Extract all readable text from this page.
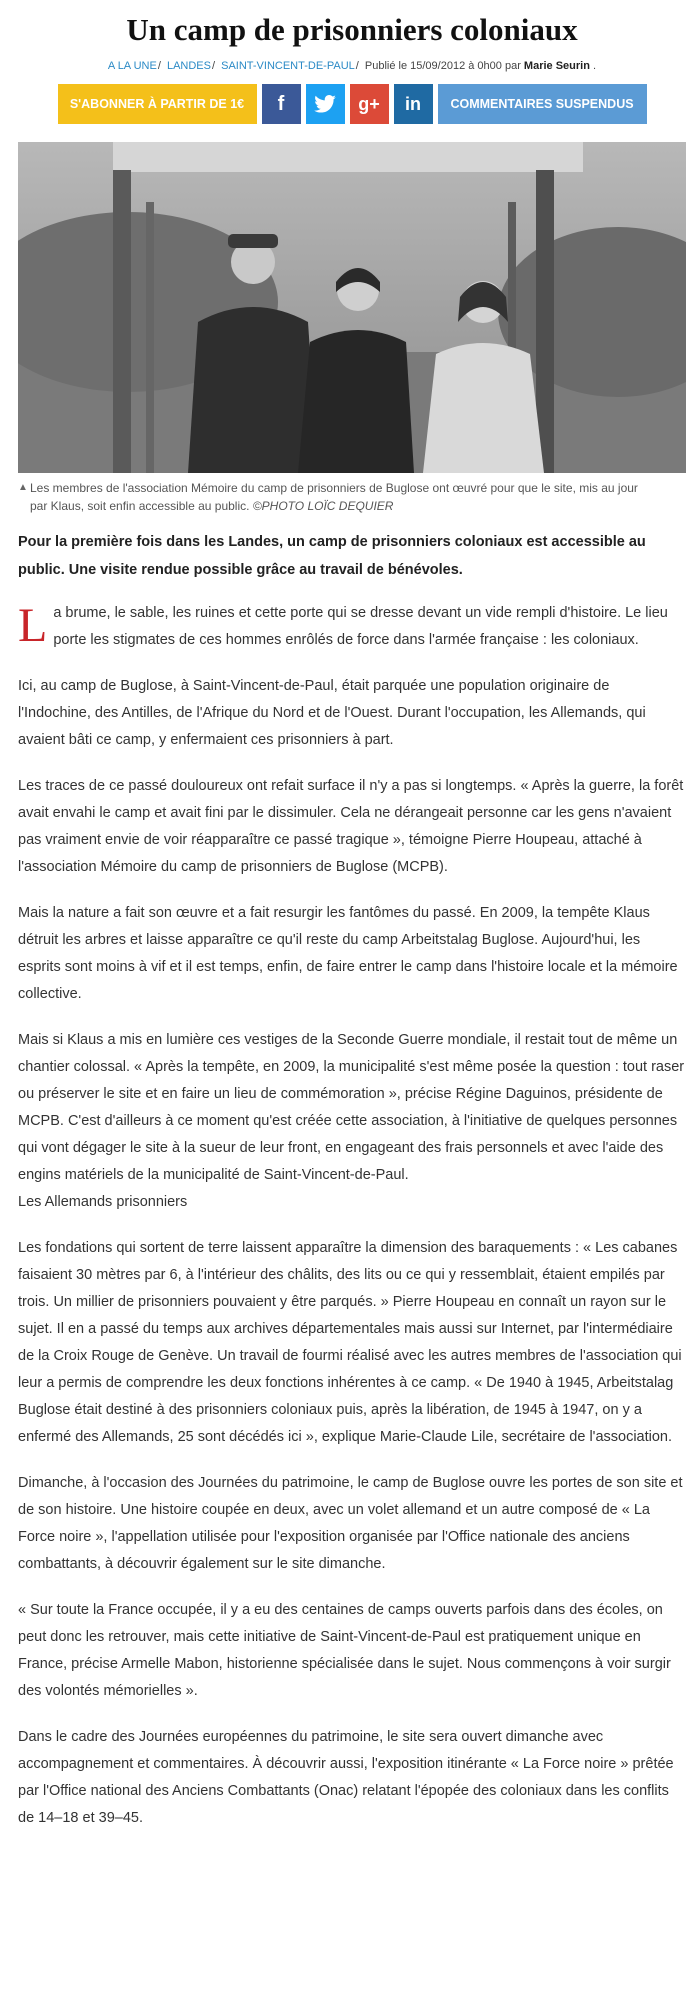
Un camp de prisonniers coloniaux
A LA UNE/ LANDES/ SAINT-VINCENT-DE-PAUL/ Publié le 15/09/2012 à 0h00 par Marie Seurin .
S'ABONNER À PARTIR DE 1€	f	g+ in	COMMENTAIRES SUSPENDUS
▲ Les membres de l'association Mémoire du camp de prisonniers de Buglose ont œuvré pour que le site, mis au jour par Klaus, soit enfin accessible au public. ©PHOTO LOÏC DEQUIER
Pour la première fois dans les Landes, un camp de prisonniers coloniaux est accessible au public. Une visite rendue possible grâce au travail de bénévoles.

La brume, le sable, les ruines et cette porte qui se dresse devant un vide rempli d'histoire. Le lieu porte les stigmates de ces hommes enrôlés de force dans l'armée française : les coloniaux.

Ici, au camp de Buglose, à Saint-Vincent-de-Paul, était parquée une population originaire de l'Indochine, des Antilles, de l'Afrique du Nord et de l'Ouest. Durant l'occupation, les Allemands, qui avaient bâti ce camp, y enfermaient ces prisonniers à part.

Les traces de ce passé douloureux ont refait surface il n'y a pas si longtemps. « Après la guerre, la forêt avait envahi le camp et avait fini par le dissimuler. Cela ne dérangeait personne car les gens n'avaient pas vraiment envie de voir réapparaître ce passé tragique », témoigne Pierre Houpeau, attaché à l'association Mémoire du camp de prisonniers de Buglose (MCPB).

Mais la nature a fait son œuvre et a fait resurgir les fantômes du passé. En 2009, la tempête Klaus détruit les arbres et laisse apparaître ce qu'il reste du camp Arbeitstalag Buglose. Aujourd'hui, les esprits sont moins à vif et il est temps, enfin, de faire entrer le camp dans l'histoire locale et la mémoire collective.

Mais si Klaus a mis en lumière ces vestiges de la Seconde Guerre mondiale, il restait tout de même un chantier colossal. « Après la tempête, en 2009, la municipalité s'est même posée la question : tout raser ou préserver le site et en faire un lieu de commémoration », précise Régine Daguinos, présidente de MCPB. C'est d'ailleurs à ce moment qu'est créée cette association, à l'initiative de quelques personnes qui vont dégager le site à la sueur de leur front, en engageant des frais personnels et avec l'aide des engins matériels de la municipalité de Saint-Vincent-de-Paul.
Les Allemands prisonniers

Les fondations qui sortent de terre laissent apparaître la dimension des baraquements : « Les cabanes faisaient 30 mètres par 6, à l'intérieur des châlits, des lits ou ce qui y ressemblait, étaient empilés par trois. Un millier de prisonniers pouvaient y être parqués. » Pierre Houpeau en connaît un rayon sur le sujet. Il en a passé du temps aux archives départementales mais aussi sur Internet, par l'intermédiaire de la Croix Rouge de Genève. Un travail de fourmi réalisé avec les autres membres de l'association qui leur a permis de comprendre les deux fonctions inhérentes à ce camp. « De 1940 à 1945, Arbeitstalag Buglose était destiné à des prisonniers coloniaux puis, après la libération, de 1945 à 1947, on y a enfermé des Allemands, 25 sont décédés ici », explique Marie-Claude Lile, secrétaire de l'association.

Dimanche, à l'occasion des Journées du patrimoine, le camp de Buglose ouvre les portes de son site et de son histoire. Une histoire coupée en deux, avec un volet allemand et un autre composé de « La Force noire », l'appellation utilisée pour l'exposition organisée par l'Office nationale des anciens combattants, à découvrir également sur le site dimanche.

« Sur toute la France occupée, il y a eu des centaines de camps ouverts parfois dans des écoles, on peut donc les retrouver, mais cette initiative de Saint-Vincent-de-Paul est pratiquement unique en France, précise Armelle Mabon, historienne spécialisée dans le sujet. Nous commençons à voir surgir des volontés mémorielles ».

Dans le cadre des Journées européennes du patrimoine, le site sera ouvert dimanche avec accompagnement et commentaires. À découvrir aussi, l'exposition itinérante « La Force noire » prêtée par l'Office national des Anciens Combattants (Onac) relatant l'épopée des coloniaux dans les conflits de 14–18 et 39–45.
